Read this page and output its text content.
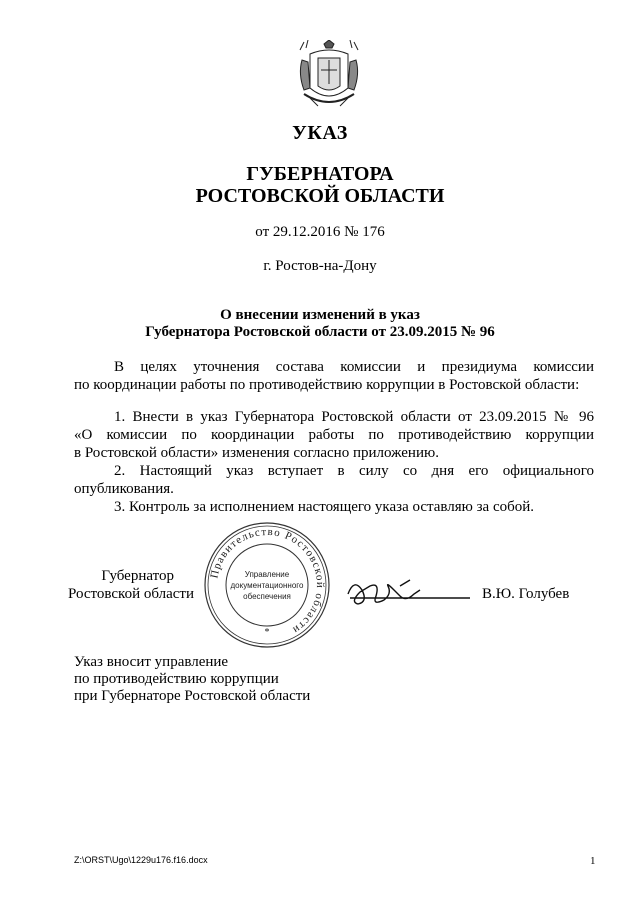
УКАЗ
ГУБЕРНАТОРА
РОСТОВСКОЙ ОБЛАСТИ
от 29.12.2016 № 176
г. Ростов-на-Дону
О внесении изменений в указ
Губернатора Ростовской области от 23.09.2015 № 96
В целях уточнения состава комиссии и президиума комиссии
по координации работы по противодействию коррупции в Ростовской области:
1. Внести в указ Губернатора Ростовской области от 23.09.2015 № 96
«О комиссии по координации работы по противодействию коррупции
в Ростовской области» изменения согласно приложению.
2. Настоящий указ вступает в силу со дня его официального
опубликования.
3. Контроль за исполнением настоящего указа оставляю за собой.
Губернатор
Ростовской области
Правительство Ростовской области
Управление
документационного
обеспечения
*
В.Ю. Голубев
Указ вносит управление
по противодействию коррупции
при Губернаторе Ростовской области
Z:\ORST\Ugo\1229u176.f16.docx	1
